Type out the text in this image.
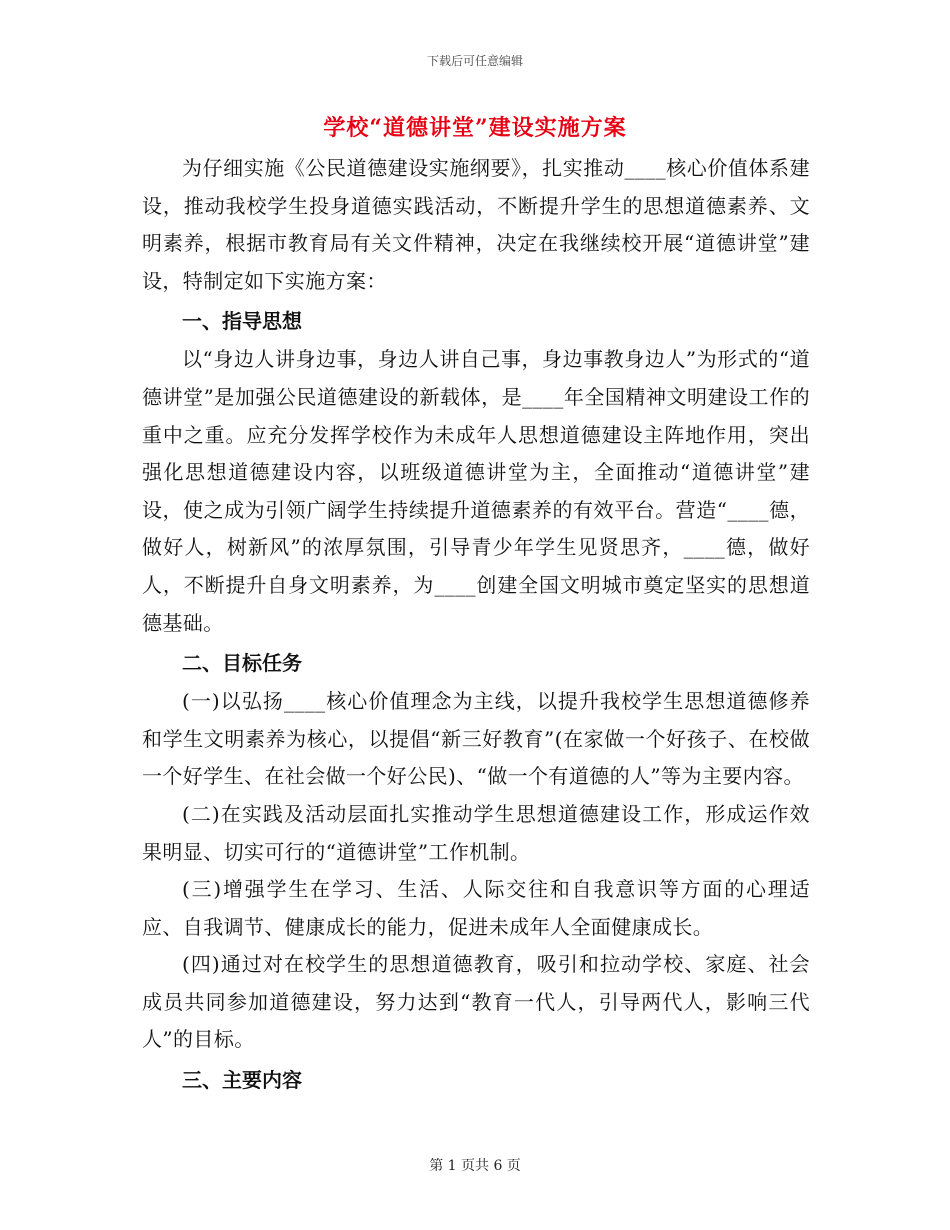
下载后可任意编辑
学校“道德讲堂”建设实施方案

为仔细实施《公民道德建设实施纲要》，扎实推动____核心价值体系建设，推动我校学生投身道德实践活动，不断提升学生的思想道德素养、文明素养，根据市教育局有关文件精神，决定在我继续校开展“道德讲堂”建设，特制定如下实施方案：

一、指导思想

以“身边人讲身边事，身边人讲自己事，身边事教身边人”为形式的“道德讲堂”是加强公民道德建设的新载体，是____年全国精神文明建设工作的重中之重。应充分发挥学校作为未成年人思想道德建设主阵地作用，突出强化思想道德建设内容，以班级道德讲堂为主，全面推动“道德讲堂”建设，使之成为引领广阔学生持续提升道德素养的有效平台。营造“____德，做好人，树新风”的浓厚氛围，引导青少年学生见贤思齐，____德，做好人，不断提升自身文明素养，为____创建全国文明城市奠定坚实的思想道德基础。

二、目标任务

(一)以弘扬____核心价值理念为主线，以提升我校学生思想道德修养和学生文明素养为核心，以提倡“新三好教育”(在家做一个好孩子、在校做一个好学生、在社会做一个好公民)、“做一个有道德的人”等为主要内容。

(二)在实践及活动层面扎实推动学生思想道德建设工作，形成运作效果明显、切实可行的“道德讲堂”工作机制。

(三)增强学生在学习、生活、人际交往和自我意识等方面的心理适应、自我调节、健康成长的能力，促进未成年人全面健康成长。

(四)通过对在校学生的思想道德教育，吸引和拉动学校、家庭、社会成员共同参加道德建设，努力达到“教育一代人，引导两代人，影响三代人”的目标。

三、主要内容

第 1 页共 6 页
